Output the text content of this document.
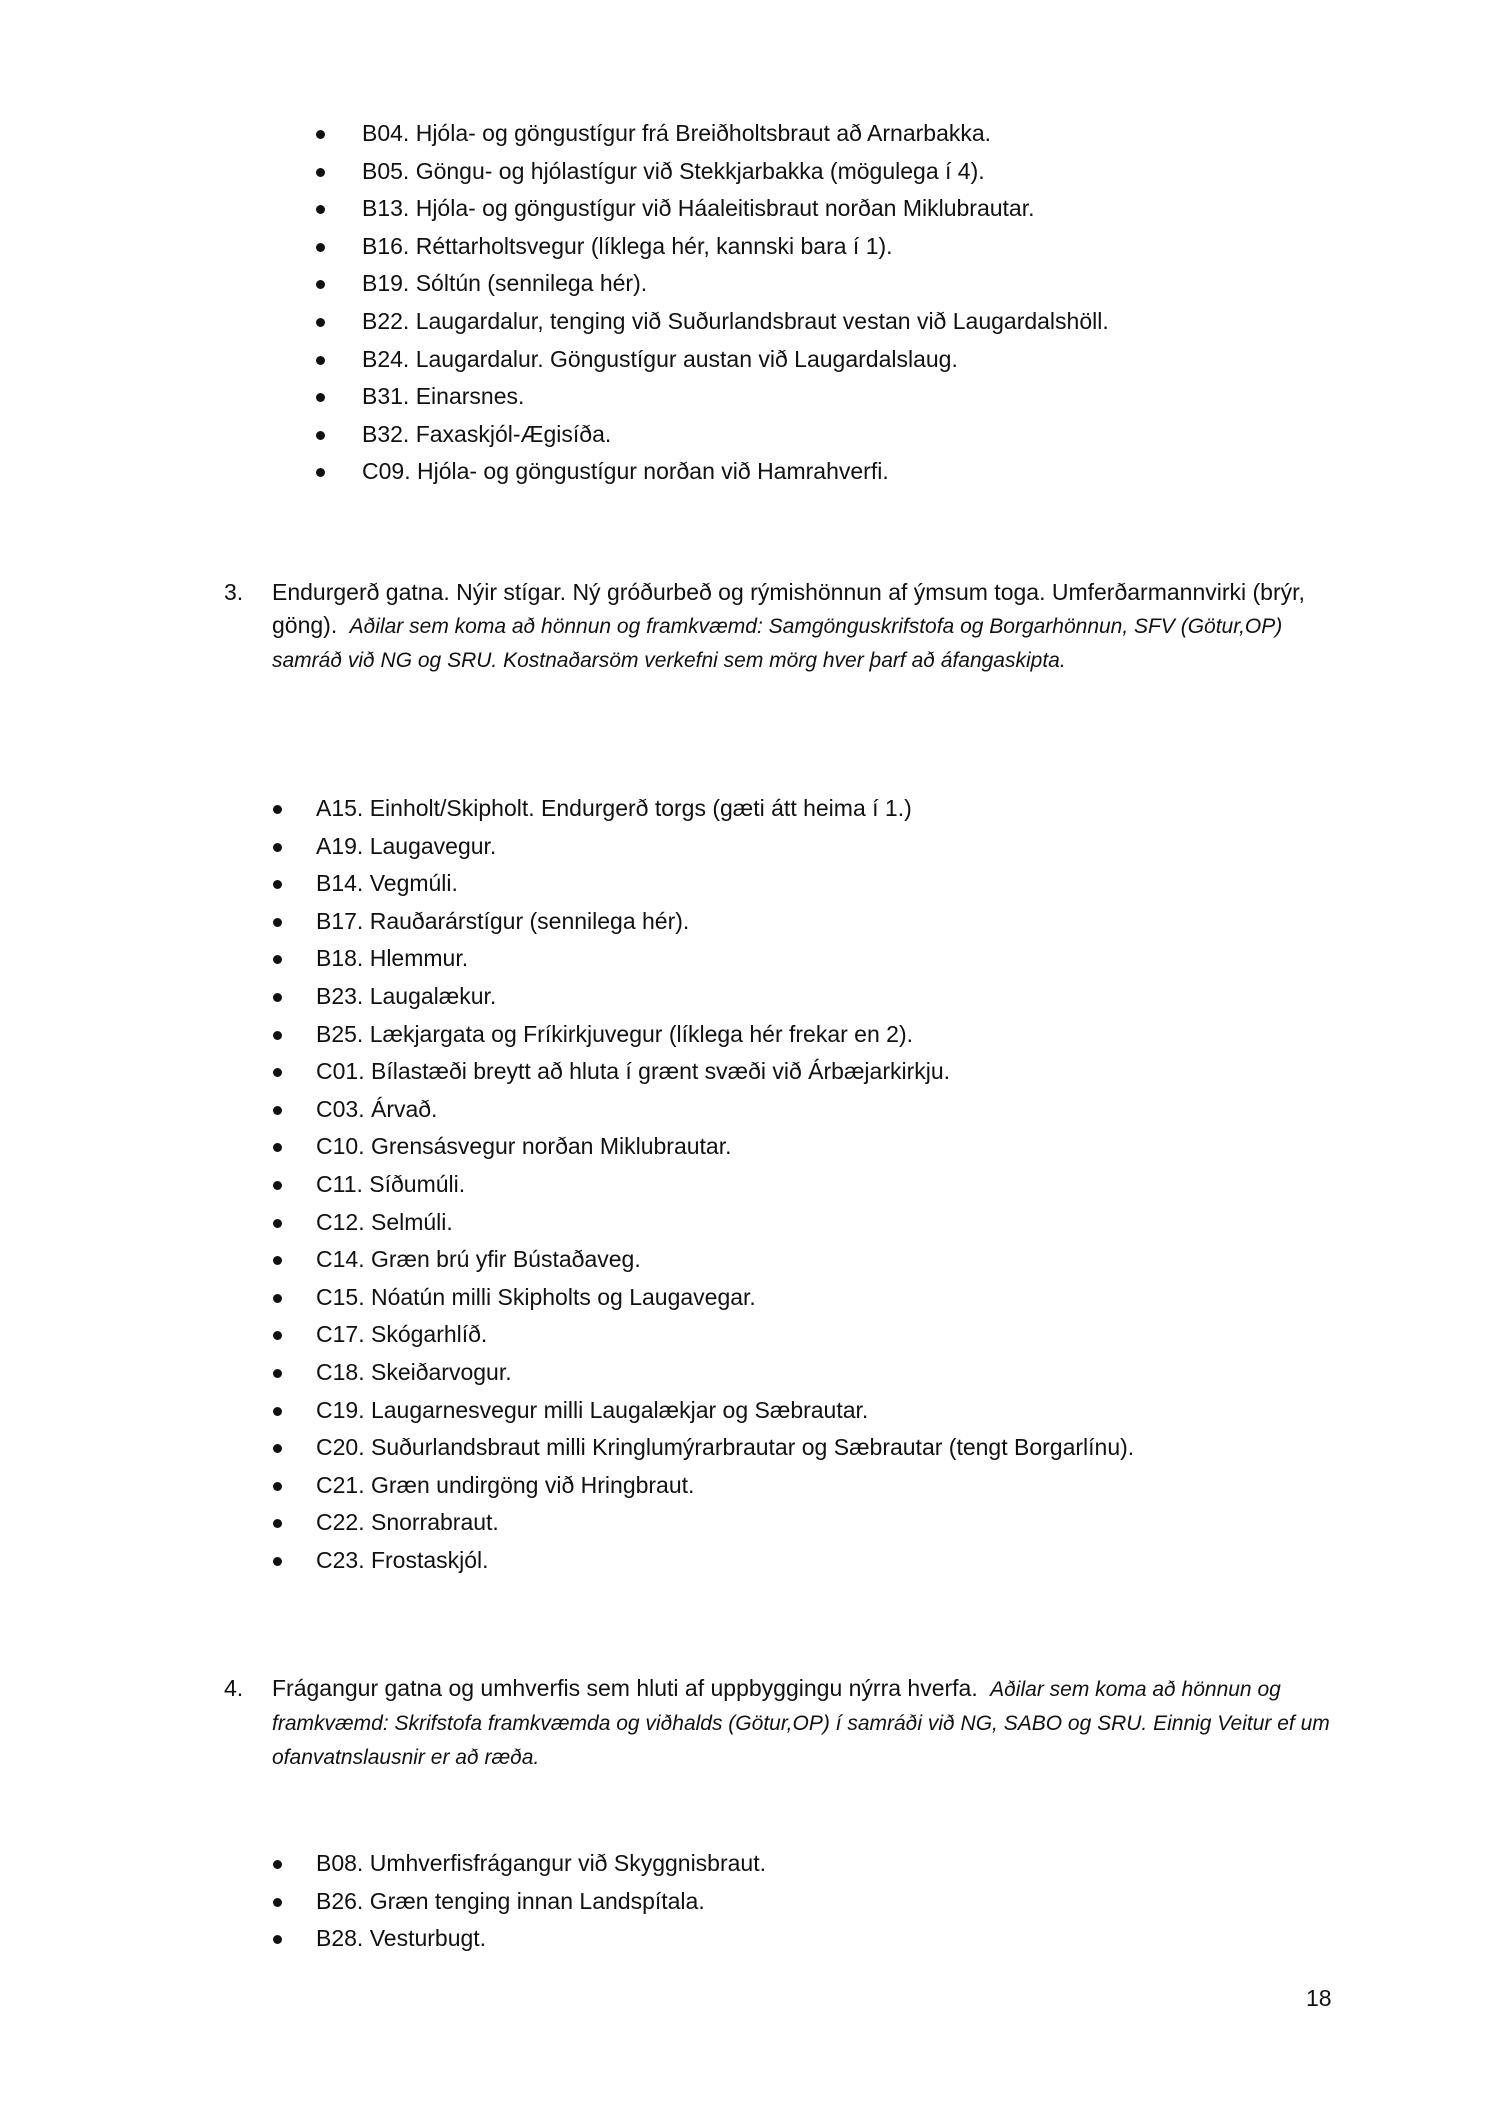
B04. Hjóla- og göngustígur frá Breiðholtsbraut að Arnarbakka.
B05. Göngu- og hjólastígur við Stekkjarbakka (mögulega í 4).
B13. Hjóla- og göngustígur við Háaleitisbraut norðan Miklubrautar.
B16. Réttarholtsvegur (líklega hér, kannski bara í 1).
B19. Sóltún (sennilega hér).
B22. Laugardalur, tenging við Suðurlandsbraut vestan við Laugardalshöll.
B24. Laugardalur. Göngustígur austan við Laugardalslaug.
B31. Einarsnes.
B32. Faxaskjól-Ægisíða.
C09. Hjóla- og göngustígur norðan við Hamrahverfi.
3. Endurgerð gatna. Nýir stígar. Ný gróðurbeð og rýmishönnun af ýmsum toga. Umferðarmannvirki (brýr, göng). Aðilar sem koma að hönnun og framkvæmd: Samgönguskrifstofa og Borgarhönnun, SFV (Götur,OP) samráð við NG og SRU. Kostnaðarsöm verkefni sem mörg hver þarf að áfangaskipta.
A15. Einholt/Skipholt. Endurgerð torgs (gæti átt heima í 1.)
A19. Laugavegur.
B14. Vegmúli.
B17. Rauðarárstígur (sennilega hér).
B18. Hlemmur.
B23. Laugalækur.
B25. Lækjargata og Fríkirkjuvegur (líklega hér frekar en 2).
C01. Bílastæði breytt að hluta í grænt svæði við Árbæjarkirkju.
C03. Árvað.
C10. Grensásvegur norðan Miklubrautar.
C11. Síðumúli.
C12. Selmúli.
C14. Græn brú yfir Bústaðaveg.
C15. Nóatún milli Skipholts og Laugavegar.
C17. Skógarhlíð.
C18. Skeiðarvogur.
C19. Laugarnesvegur milli Laugalækjar og Sæbrautar.
C20. Suðurlandsbraut milli Kringlumýrarbrautar og Sæbrautar (tengt Borgarlínu).
C21. Græn undirgöng við Hringbraut.
C22. Snorrabraut.
C23. Frostaskjól.
4. Frágangur gatna og umhverfis sem hluti af uppbyggingu nýrra hverfa. Aðilar sem koma að hönnun og framkvæmd: Skrifstofa framkvæmda og viðhalds (Götur,OP) í samráði við NG, SABO og SRU. Einnig Veitur ef um ofanvatnslausnir er að ræða.
B08. Umhverfisfrágangur við Skyggnisbraut.
B26. Græn tenging innan Landspítala.
B28. Vesturbugt.
18
